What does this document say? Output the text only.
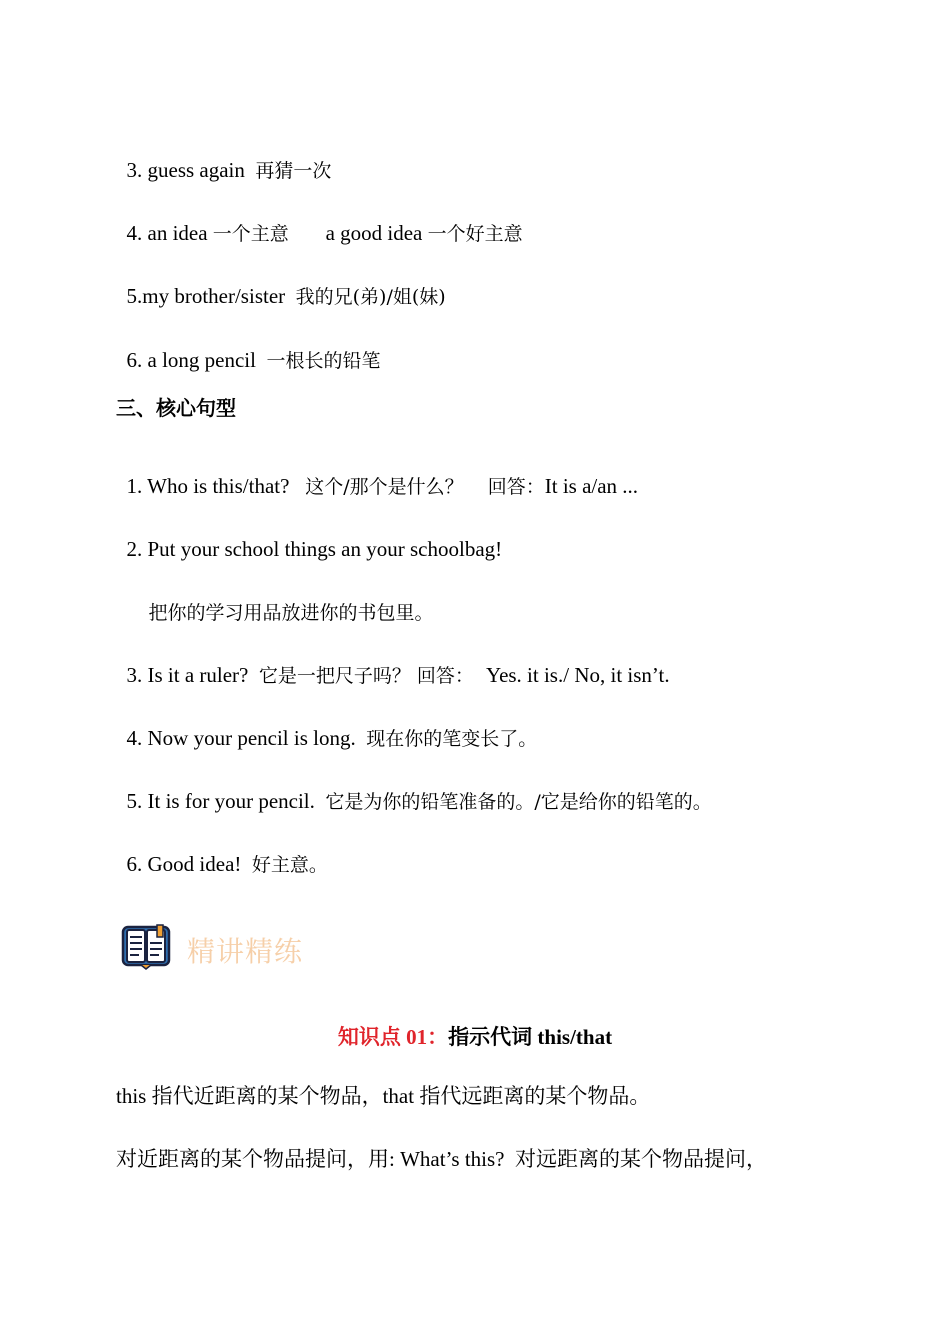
3. guess again  再猜一次

4. an idea 一个主意       a good idea 一个好主意

5.my brother/sister  我的兄(弟)/姐(妹)

6. a long pencil  一根长的铅笔

三、核心句型

1. Who is this/that?   这个/那个是什么？    回答：It is a/an ...

2. Put your school things an your schoolbag!

把你的学习用品放进你的书包里。

3. Is it a ruler?  它是一把尺子吗？ 回答：  Yes. it is./ No, it isn’t.

4. Now your pencil is long.  现在你的笔变长了。

5. It is for your pencil.  它是为你的铅笔准备的。/它是给你的铅笔的。

6. Good idea!  好主意。

精讲精练
知识点 01：指示代词 this/that
this 指代近距离的某个物品，that 指代远距离的某个物品。
对近距离的某个物品提问，用: What’s this?  对远距离的某个物品提问，
